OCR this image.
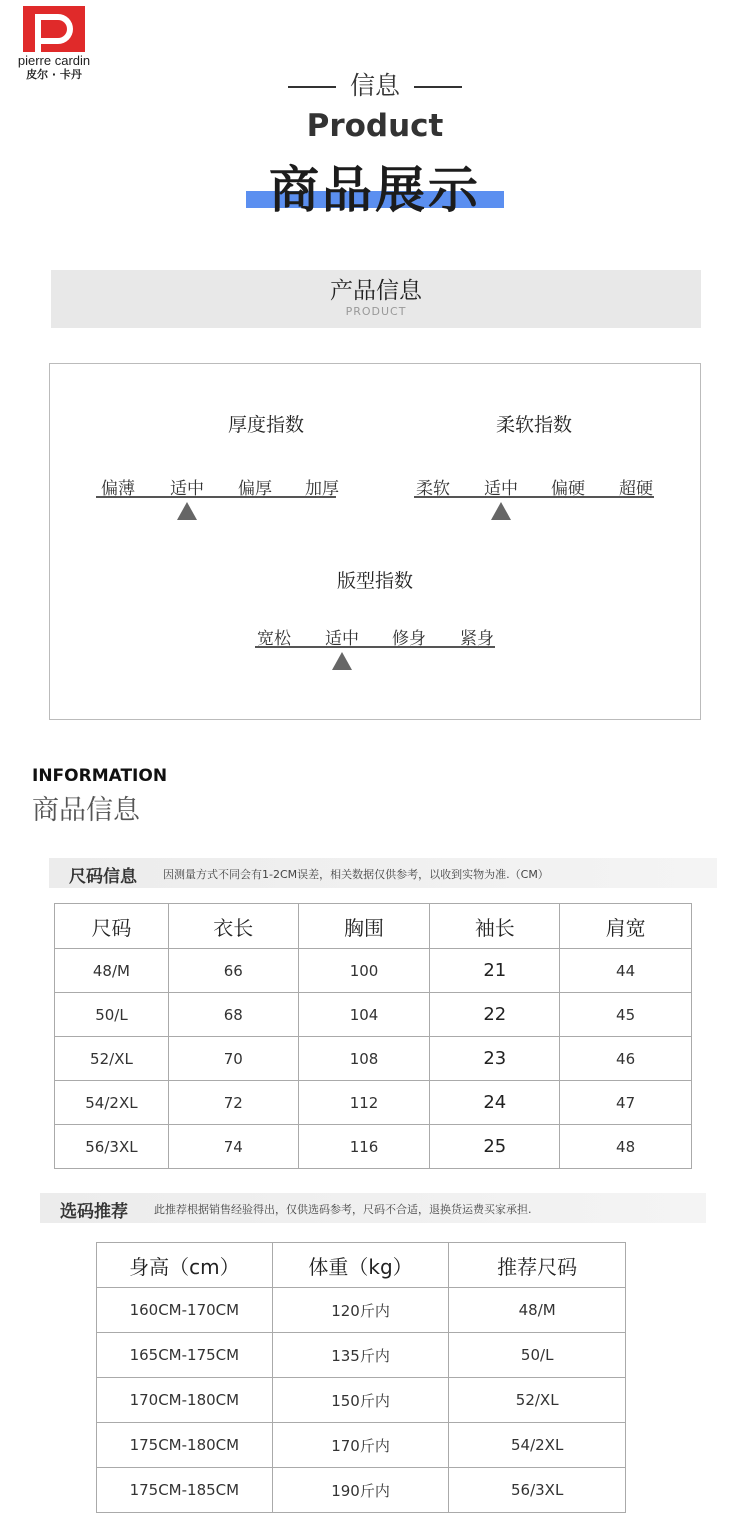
pierre cardin
皮尔 · 卡丹	信息
Product
商品展示
产品信息
PRODUCT
厚度指数
偏薄	适中	偏厚	加厚
柔软指数
柔软	适中	偏硬	超硬
版型指数
宽松	适中	修身	紧身
INFORMATION
商品信息
尺码信息 因测量方式不同会有1-2CM误差，相关数据仅供参考，以收到实物为准.（CM）
尺码	衣长	胸围	袖长	肩宽
48/M	66	100	21	44
50/L	68	104	22	45
52/XL	70	108	23	46
54/2XL	72	112	24	47
56/3XL	74	116	25	48
选码推荐 此推荐根据销售经验得出，仅供选码参考，尺码不合适，退换货运费买家承担.
身高（cm）	体重（kg）	推荐尺码
160CM-170CM	120斤内	48/M
165CM-175CM	135斤内	50/L
170CM-180CM	150斤内	52/XL
175CM-180CM	170斤内	54/2XL
175CM-185CM	190斤内	56/3XL
